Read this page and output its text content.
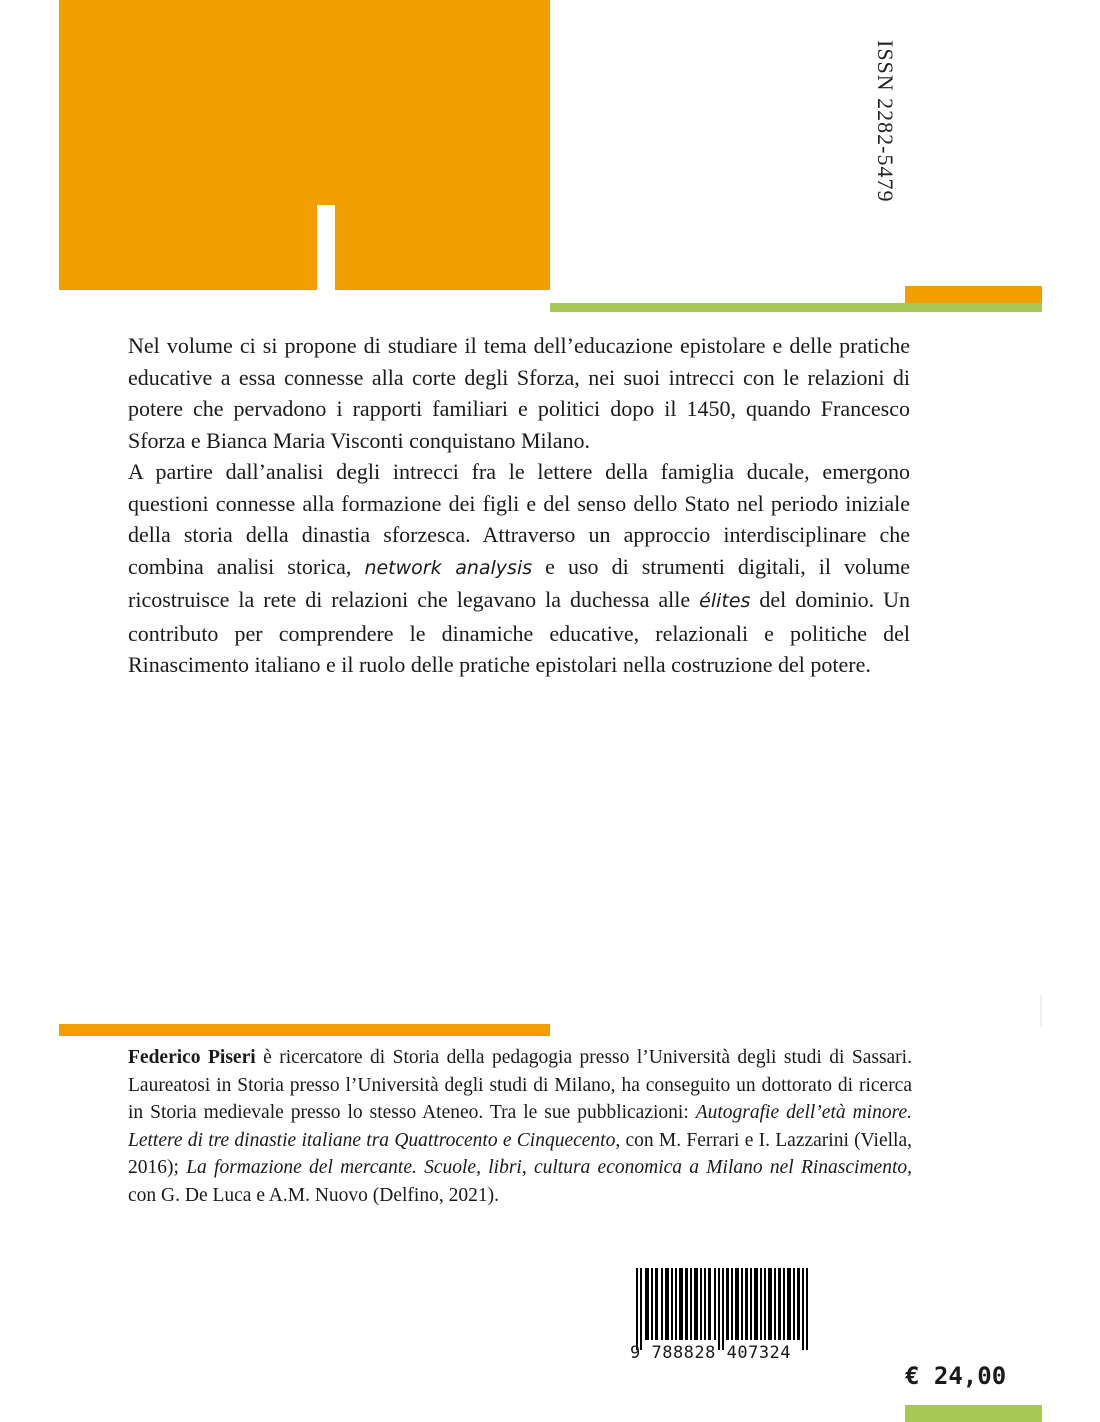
ISSN 2282-5479

Nel volume ci si propone di studiare il tema dell’educazione epistolare e delle pratiche educative a essa connesse alla corte degli Sforza, nei suoi intrecci con le relazioni di potere che pervadono i rapporti familiari e politici dopo il 1450, quando Francesco Sforza e Bianca Maria Visconti conquistano Milano.

A partire dall’analisi degli intrecci fra le lettere della famiglia ducale, emergono questioni connesse alla formazione dei figli e del senso dello Stato nel periodo iniziale della storia della dinastia sforzesca. Attraverso un approccio interdisciplinare che combina analisi storica, network analysis e uso di strumenti digitali, il volume ricostruisce la rete di relazioni che legavano la duchessa alle élites del dominio. Un contributo per comprendere le dinamiche educative, relazionali e politiche del Rinascimento italiano e il ruolo delle pratiche epistolari nella costruzione del potere.

Federico Piseri è ricercatore di Storia della pedagogia presso l’Università degli studi di Sassari. Laureatosi in Storia presso l’Università degli studi di Milano, ha conseguito un dottorato di ricerca in Storia medievale presso lo stesso Ateneo. Tra le sue pubblicazioni: Autografie dell’età minore. Lettere di tre dinastie italiane tra Quattrocento e Cinquecento, con M. Ferrari e I. Lazzarini (Viella, 2016); La formazione del mercante. Scuole, libri, cultura economica a Milano nel Rinascimento, con G. De Luca e A.M. Nuovo (Delfino, 2021).

9 788828 407324
€ 24,00
